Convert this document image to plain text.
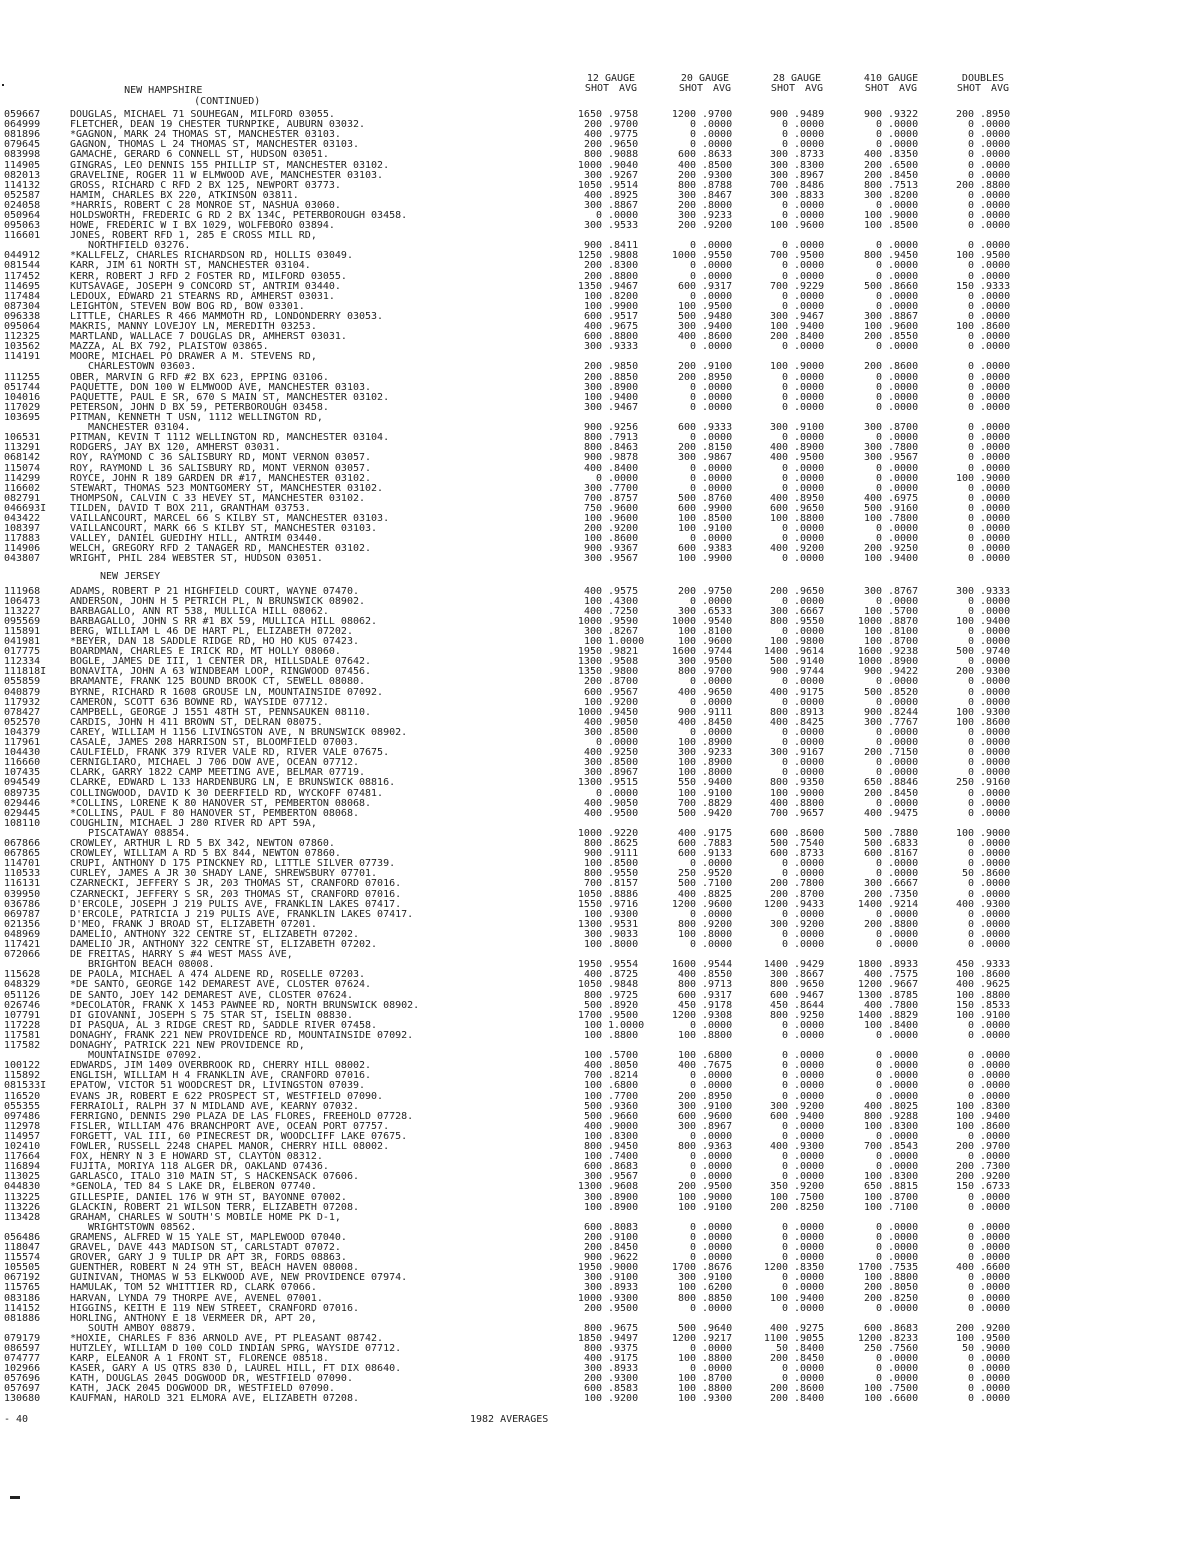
NEW HAMPSHIRE
(CONTINUED)

12 GAUGE
SHOT AVG
20 GAUGE
SHOT AVG
28 GAUGE
SHOT AVG
410 GAUGE
SHOT AVG
DOUBLES
SHOT AVG
059667	DOUGLAS, MICHAEL 71 SOUHEGAN, MILFORD 03055.	1650 .9758	1200 .9700	900 .9489	900 .9322	200 .8950
064999	FLETCHER, DEAN 19 CHESTER TURNPIKE, AUBURN 03032.	200 .9700	0 .0000	0 .0000	0 .0000	0 .0000
081896	*GAGNON, MARK 24 THOMAS ST, MANCHESTER 03103.	400 .9775	0 .0000	0 .0000	0 .0000	0 .0000
079645	GAGNON, THOMAS L 24 THOMAS ST, MANCHESTER 03103.	200 .9650	0 .0000	0 .0000	0 .0000	0 .0000
083998	GAMACHE, GERARD 6 CONNELL ST, HUDSON 03051.	800 .9088	600 .8633	300 .8733	400 .8350	0 .0000
114905	GINGRAS, LEO DENNIS 155 PHILLIP ST, MANCHESTER 03102.	1000 .9040	400 .8500	300 .8300	200 .6500	0 .0000
082013	GRAVELINE, ROGER 11 W ELMWOOD AVE, MANCHESTER 03103.	300 .9267	200 .9300	300 .8967	200 .8450	0 .0000
114132	GROSS, RICHARD C RFD 2 BX 125, NEWPORT 03773.	1050 .9514	800 .8788	700 .8486	800 .7513	200 .8800
052587	HAMIM, CHARLES BX 220, ATKINSON 03811.	400 .8925	300 .8467	300 .8833	300 .8200	0 .0000
024058	*HARRIS, ROBERT C 28 MONROE ST, NASHUA 03060.	300 .8867	200 .8000	0 .0000	0 .0000	0 .0000
050964	HOLDSWORTH, FREDERIC G RD 2 BX 134C, PETERBOROUGH 03458.	0 .0000	300 .9233	0 .0000	100 .9000	0 .0000
095063	HOWE, FREDERIC W I BX 1029, WOLFEBORO 03894.	300 .9533	200 .9200	100 .9600	100 .8500	0 .0000
116601	JONES, ROBERT RFD 1, 285 E CROSS MILL RD,
NORTHFIELD 03276.	900 .8411	0 .0000	0 .0000	0 .0000	0 .0000
044912	*KALLFELZ, CHARLES RICHARDSON RD, HOLLIS 03049.	1250 .9808	1000 .9550	700 .9500	800 .9450	100 .9500
081544	KARR, JIM 61 NORTH ST, MANCHESTER 03104.	200 .8300	0 .0000	0 .0000	0 .0000	0 .0000
117452	KERR, ROBERT J RFD 2 FOSTER RD, MILFORD 03055.	200 .8800	0 .0000	0 .0000	0 .0000	0 .0000
114695	KUTSAVAGE, JOSEPH 9 CONCORD ST, ANTRIM 03440.	1350 .9467	600 .9317	700 .9229	500 .8660	150 .9333
117484	LEDOUX, EDWARD 21 STEARNS RD, AMHERST 03031.	100 .8200	0 .0000	0 .0000	0 .0000	0 .0000
087304	LEIGHTON, STEVEN BOW BOG RD, BOW 03301.	100 .9900	100 .9500	0 .0000	0 .0000	0 .0000
096338	LITTLE, CHARLES R 466 MAMMOTH RD, LONDONDERRY 03053.	600 .9517	500 .9480	300 .9467	300 .8867	0 .0000
095064	MAKRIS, MANNY LOVEJOY LN, MEREDITH 03253.	400 .9675	300 .9400	100 .9400	100 .9600	100 .8600
112325	MARTLAND, WALLACE 7 DOUGLAS DR, AMHERST 03031.	600 .8800	400 .8600	200 .8400	200 .8550	0 .0000
103562	MAZZA, AL BX 792, PLAISTOW 03865.	300 .9333	0 .0000	0 .0000	0 .0000	0 .0000
114191	MOORE, MICHAEL PO DRAWER A M. STEVENS RD,
CHARLESTOWN 03603.	200 .9850	200 .9100	100 .9000	200 .8600	0 .0000
111255	OBER, MARVIN G RFD #2 BX 623, EPPING 03106.	200 .8850	200 .8950	0 .0000	0 .0000	0 .0000
051744	PAQUETTE, DON 100 W ELMWOOD AVE, MANCHESTER 03103.	300 .8900	0 .0000	0 .0000	0 .0000	0 .0000
104016	PAQUETTE, PAUL E SR, 670 S MAIN ST, MANCHESTER 03102.	100 .9400	0 .0000	0 .0000	0 .0000	0 .0000
117029	PETERSON, JOHN D BX 59, PETERBOROUGH 03458.	300 .9467	0 .0000	0 .0000	0 .0000	0 .0000
103695	PITMAN, KENNETH T USN, 1112 WELLINGTON RD,
MANCHESTER 03104.	900 .9256	600 .9333	300 .9100	300 .8700	0 .0000
106531	PITMAN, KEVIN T 1112 WELLINGTON RD, MANCHESTER 03104.	800 .7913	0 .0000	0 .0000	0 .0000	0 .0000
113291	RODGERS, JAY BX 120, AMHERST 03031.	800 .8463	200 .8150	400 .8900	300 .7800	0 .0000
068142	ROY, RAYMOND C 36 SALISBURY RD, MONT VERNON 03057.	900 .9878	300 .9867	400 .9500	300 .9567	0 .0000
115074	ROY, RAYMOND L 36 SALISBURY RD, MONT VERNON 03057.	400 .8400	0 .0000	0 .0000	0 .0000	0 .0000
114299	ROYCE, JOHN R 189 GARDEN DR #17, MANCHESTER 03102.	0 .0000	0 .0000	0 .0000	0 .0000	100 .9000
116602	STEWART, THOMAS 523 MONTGOMERY ST, MANCHESTER 03102.	300 .7700	0 .0000	0 .0000	0 .0000	0 .0000
082791	THOMPSON, CALVIN C 33 HEVEY ST, MANCHESTER 03102.	700 .8757	500 .8760	400 .8950	400 .6975	0 .0000
046693I	TILDEN, DAVID T BOX 211, GRANTHAM 03753.	750 .9600	600 .9900	600 .9650	500 .9160	0 .0000
043422	VAILLANCOURT, MARCEL 66 S KILBY ST, MANCHESTER 03103.	100 .9600	100 .8500	100 .8800	100 .7800	0 .0000
108397	VAILLANCOURT, MARK 66 S KILBY ST, MANCHESTER 03103.	200 .9200	100 .9100	0 .0000	0 .0000	0 .0000
117883	VALLEY, DANIEL GUEDIHY HILL, ANTRIM 03440.	100 .8600	0 .0000	0 .0000	0 .0000	0 .0000
114906	WELCH, GREGORY RFD 2 TANAGER RD, MANCHESTER 03102.	900 .9367	600 .9383	400 .9200	200 .9250	0 .0000
043807	WRIGHT, PHIL 284 WEBSTER ST, HUDSON 03051.	300 .9567	100 .9900	0 .0000	100 .9400	0 .0000
NEW JERSEY
111968	ADAMS, ROBERT P 21 HIGHFIELD COURT, WAYNE 07470.	400 .9575	200 .9750	200 .9650	300 .8767	300 .9333
106473	ANDERSON, JOHN H 5 PETRICH PL, N BRUNSWICK 08902.	100 .4300	0 .0000	0 .0000	0 .0000	0 .0000
113227	BARBAGALLO, ANN RT 538, MULLICA HILL 08062.	400 .7250	300 .6533	300 .6667	100 .5700	0 .0000
095569	BARBAGALLO, JOHN S RR #1 BX 59, MULLICA HILL 08062.	1000 .9590	1000 .9540	800 .9550	1000 .8870	100 .9400
115891	BERG, WILLIAM L 46 DE HART PL, ELIZABETH 07202.	300 .8267	100 .8100	0 .0000	100 .8100	0 .0000
041981	*BEYER, DAN 18 SADDLE RIDGE RD, HO HO KUS 07423.	100 1.0000	100 .9600	100 .9800	100 .8700	0 .0000
017775	BOARDMAN, CHARLES E IRICK RD, MT HOLLY 08060.	1950 .9821	1600 .9744	1400 .9614	1600 .9238	500 .9740
112334	BOGLE, JAMES DE III, 1 CENTER DR, HILLSDALE 07642.	1300 .9508	300 .9500	500 .9140	1000 .8900	0 .0000
111818I	BONAVITA, JOHN A 63 WINDBEAM LOOP, RINGWOOD 07456.	1350 .9800	800 .9700	900 .9744	900 .9422	200 .9300
055859	BRAMANTE, FRANK 125 BOUND BROOK CT, SEWELL 08080.	200 .8700	0 .0000	0 .0000	0 .0000	0 .0000
040879	BYRNE, RICHARD R 1608 GROUSE LN, MOUNTAINSIDE 07092.	600 .9567	400 .9650	400 .9175	500 .8520	0 .0000
117932	CAMERON, SCOTT 636 BOWNE RD, WAYSIDE 07712.	100 .9200	0 .0000	0 .0000	0 .0000	0 .0000
078427	CAMPBELL, GEORGE J 1551 48TH ST, PENNSAUKEN 08110.	1000 .9450	900 .9111	800 .8913	900 .8244	100 .9300
052570	CARDIS, JOHN H 411 BROWN ST, DELRAN 08075.	400 .9050	400 .8450	400 .8425	300 .7767	100 .8600
104379	CAREY, WILLIAM H 1156 LIVINGSTON AVE, N BRUNSWICK 08902.	300 .8500	0 .0000	0 .0000	0 .0000	0 .0000
117961	CASALE, JAMES 208 HARRISON ST, BLOOMFIELD 07003.	0 .0000	100 .8900	0 .0000	0 .0000	0 .0000
104430	CAULFIELD, FRANK 379 RIVER VALE RD, RIVER VALE 07675.	400 .9250	300 .9233	300 .9167	200 .7150	0 .0000
116660	CERNIGLIARO, MICHAEL J 706 DOW AVE, OCEAN 07712.	300 .8500	100 .8900	0 .0000	0 .0000	0 .0000
107435	CLARK, GARRY 1822 CAMP MEETING AVE, BELMAR 07719.	300 .8967	100 .8000	0 .0000	0 .0000	0 .0000
094549	CLARKE, EDWARD L 133 HARDENBURG LN, E BRUNSWICK 08816.	1300 .9515	550 .9400	800 .9350	650 .8846	250 .9160
089735	COLLINGWOOD, DAVID K 30 DEERFIELD RD, WYCKOFF 07481.	0 .0000	100 .9100	100 .9000	200 .8450	0 .0000
029446	*COLLINS, LORENE K 80 HANOVER ST, PEMBERTON 08068.	400 .9050	700 .8829	400 .8800	0 .0000	0 .0000
029445	*COLLINS, PAUL F 80 HANOVER ST, PEMBERTON 08068.	400 .9500	500 .9420	700 .9657	400 .9475	0 .0000
108110	COUGHLIN, MICHAEL J 280 RIVER RD APT 59A,
PISCATAWAY 08854.	1000 .9220	400 .9175	600 .8600	500 .7880	100 .9000
067866	CROWLEY, ARTHUR L RD 5 BX 342, NEWTON 07860.	800 .8625	600 .7883	500 .7540	500 .6833	0 .0000
067865	CROWLEY, WILLIAM A RD 5 BX 844, NEWTON 07860.	900 .9111	600 .9133	600 .8733	600 .8167	0 .0000
114701	CRUPI, ANTHONY D 175 PINCKNEY RD, LITTLE SILVER 07739.	100 .8500	0 .0000	0 .0000	0 .0000	0 .0000
110533	CURLEY, JAMES A JR 30 SHADY LANE, SHREWSBURY 07701.	800 .9550	250 .9520	0 .0000	0 .0000	50 .8600
116131	CZARNECKI, JEFFERY S JR, 203 THOMAS ST, CRANFORD 07016.	700 .8157	500 .7100	200 .7800	300 .6667	0 .0000
039950	CZARNECKI, JEFFERY S SR, 203 THOMAS ST, CRANFORD 07016.	1050 .8886	400 .8825	200 .8700	200 .7350	0 .0000
036786	D'ERCOLE, JOSEPH J 219 PULIS AVE, FRANKLIN LAKES 07417.	1550 .9716	1200 .9600	1200 .9433	1400 .9214	400 .9300
069787	D'ERCOLE, PATRICIA J 219 PULIS AVE, FRANKLIN LAKES 07417.	100 .9300	0 .0000	0 .0000	0 .0000	0 .0000
021356	D'MEO, FRANK J BROAD ST, ELIZABETH 07201.	1300 .9531	800 .9200	300 .9200	200 .8800	0 .0000
048969	DAMELIO, ANTHONY 322 CENTRE ST, ELIZABETH 07202.	300 .9033	100 .8000	0 .0000	0 .0000	0 .0000
117421	DAMELIO JR, ANTHONY 322 CENTRE ST, ELIZABETH 07202.	100 .8000	0 .0000	0 .0000	0 .0000	0 .0000
072066	DE FREITAS, HARRY S #4 WEST MASS AVE,
BRIGHTON BEACH 08008.	1950 .9554	1600 .9544	1400 .9429	1800 .8933	450 .9333
115628	DE PAOLA, MICHAEL A 474 ALDENE RD, ROSELLE 07203.	400 .8725	400 .8550	300 .8667	400 .7575	100 .8600
048329	*DE SANTO, GEORGE 142 DEMAREST AVE, CLOSTER 07624.	1050 .9848	800 .9713	800 .9650	1200 .9667	400 .9625
051126	DE SANTO, JOEY 142 DEMAREST AVE, CLOSTER 07624.	800 .9725	600 .9317	600 .9467	1300 .8785	100 .8800
026746	*DECOLATOR, FRANK X 1453 PAWNEE RD, NORTH BRUNSWICK 08902.	500 .8920	450 .9178	450 .8644	400 .7800	150 .8533
107791	DI GIOVANNI, JOSEPH S 75 STAR ST, ISELIN 08830.	1700 .9500	1200 .9308	800 .9250	1400 .8829	100 .9100
117228	DI PASQUA, AL 3 RIDGE CREST RD, SADDLE RIVER 07458.	100 1.0000	0 .0000	0 .0000	100 .8400	0 .0000
117581	DONAGHY, FRANK 221 NEW PROVIDENCE RD, MOUNTAINSIDE 07092.	100 .8800	100 .8800	0 .0000	0 .0000	0 .0000
117582	DONAGHY, PATRICK 221 NEW PROVIDENCE RD,
MOUNTAINSIDE 07092.	100 .5700	100 .6800	0 .0000	0 .0000	0 .0000
100122	EDWARDS, JIM 1409 OVERBROOK RD, CHERRY HILL 08002.	400 .8050	400 .7675	0 .0000	0 .0000	0 .0000
115892	ENGLISH, WILLIAM H 4 FRANKLIN AVE, CRANFORD 07016.	700 .8214	0 .0000	0 .0000	0 .0000	0 .0000
081533I	EPATOW, VICTOR 51 WOODCREST DR, LIVINGSTON 07039.	100 .6800	0 .0000	0 .0000	0 .0000	0 .0000
116520	EVANS JR, ROBERT E 622 PROSPECT ST, WESTFIELD 07090.	100 .7700	200 .8950	0 .0000	0 .0000	0 .0000
055355	FERRAIOLI, RALPH 37 N MIDLAND AVE, KEARNY 07032.	500 .9360	300 .9100	300 .9200	400 .8025	100 .8300
097486	FERRIGNO, DENNIS 290 PLAZA DE LAS FLORES, FREEHOLD 07728.	500 .9660	600 .9600	600 .9400	800 .9288	100 .9400
112978	FISLER, WILLIAM 476 BRANCHPORT AVE, OCEAN PORT 07757.	400 .9000	300 .8967	0 .0000	100 .8300	100 .8600
114957	FORGETT, VAL III, 60 PINECREST DR, WOODCLIFF LAKE 07675.	100 .8300	0 .0000	0 .0000	0 .0000	0 .0000
102410	FOWLER, RUSSELL 2248 CHAPEL MANOR, CHERRY HILL 08002.	800 .9450	800 .9363	400 .9300	700 .8543	200 .9700
117664	FOX, HENRY N 3 E HOWARD ST, CLAYTON 08312.	100 .7400	0 .0000	0 .0000	0 .0000	0 .0000
116894	FUJITA, MORIYA 118 ALGER DR, OAKLAND 07436.	600 .8683	0 .0000	0 .0000	0 .0000	200 .7300
113025	GARLASCO, ITALO 310 MAIN ST, S HACKENSACK 07606.	300 .9567	0 .0000	0 .0000	100 .8300	200 .9200
044830	*GENOLA, TED 84 S LAKE DR, ELBERON 07740.	1300 .9608	200 .9500	350 .9200	650 .8815	150 .6733
113225	GILLESPIE, DANIEL 176 W 9TH ST, BAYONNE 07002.	300 .8900	100 .9000	100 .7500	100 .8700	0 .0000
113226	GLACKIN, ROBERT 21 WILSON TERR, ELIZABETH 07208.	100 .8900	100 .9100	200 .8250	100 .7100	0 .0000
113428	GRAHAM, CHARLES W SOUTH'S MOBILE HOME PK D-1,
WRIGHTSTOWN 08562.	600 .8083	0 .0000	0 .0000	0 .0000	0 .0000
056486	GRAMENS, ALFRED W 15 YALE ST, MAPLEWOOD 07040.	200 .9100	0 .0000	0 .0000	0 .0000	0 .0000
118047	GRAVEL, DAVE 443 MADISON ST, CARLSTADT 07072.	200 .8450	0 .0000	0 .0000	0 .0000	0 .0000
115574	GROVER, GARY J 9 TULIP DR APT 3R, FORDS 08863.	900 .9622	0 .0000	0 .0000	0 .0000	0 .0000
105505	GUENTHER, ROBERT N 24 9TH ST, BEACH HAVEN 08008.	1950 .9000	1700 .8676	1200 .8350	1700 .7535	400 .6600
067192	GUINIVAN, THOMAS W 53 ELKWOOD AVE, NEW PROVIDENCE 07974.	300 .9100	300 .9100	0 .0000	100 .8800	0 .0000
115765	HAMULAK, TOM 52 WHITTIER RD, CLARK 07066.	300 .8933	100 .6200	0 .0000	200 .8050	0 .0000
083186	HARVAN, LYNDA 79 THORPE AVE, AVENEL 07001.	1000 .9300	800 .8850	100 .9400	200 .8250	0 .0000
114152	HIGGINS, KEITH E 119 NEW STREET, CRANFORD 07016.	200 .9500	0 .0000	0 .0000	0 .0000	0 .0000
081886	HORLING, ANTHONY E 18 VERMEER DR, APT 20,
SOUTH AMBOY 08879.	800 .9675	500 .9640	400 .9275	600 .8683	200 .9200
079179	*HOXIE, CHARLES F 836 ARNOLD AVE, PT PLEASANT 08742.	1850 .9497	1200 .9217	1100 .9055	1200 .8233	100 .9500
086597	HUTZLEY, WILLIAM D 100 COLD INDIAN SPRG, WAYSIDE 07712.	800 .9375	0 .0000	50 .8400	250 .7560	50 .9000
074777	KARP, ELEANOR A 1 FRONT ST, FLORENCE 08518.	400 .9175	100 .8800	200 .8450	0 .0000	0 .0000
102966	KASER, GARY A US QTRS 830 D, LAUREL HILL, FT DIX 08640.	300 .8933	0 .0000	0 .0000	0 .0000	0 .0000
057696	KATH, DOUGLAS 2045 DOGWOOD DR, WESTFIELD 07090.	200 .9300	100 .8700	0 .0000	0 .0000	0 .0000
057697	KATH, JACK 2045 DOGWOOD DR, WESTFIELD 07090.	600 .8583	100 .8800	200 .8600	100 .7500	0 .0000
130680	KAUFMAN, HAROLD 321 ELMORA AVE, ELIZABETH 07208.	100 .9200	100 .9300	200 .8400	100 .6600	0 .0000
- 40	1982 AVERAGES
